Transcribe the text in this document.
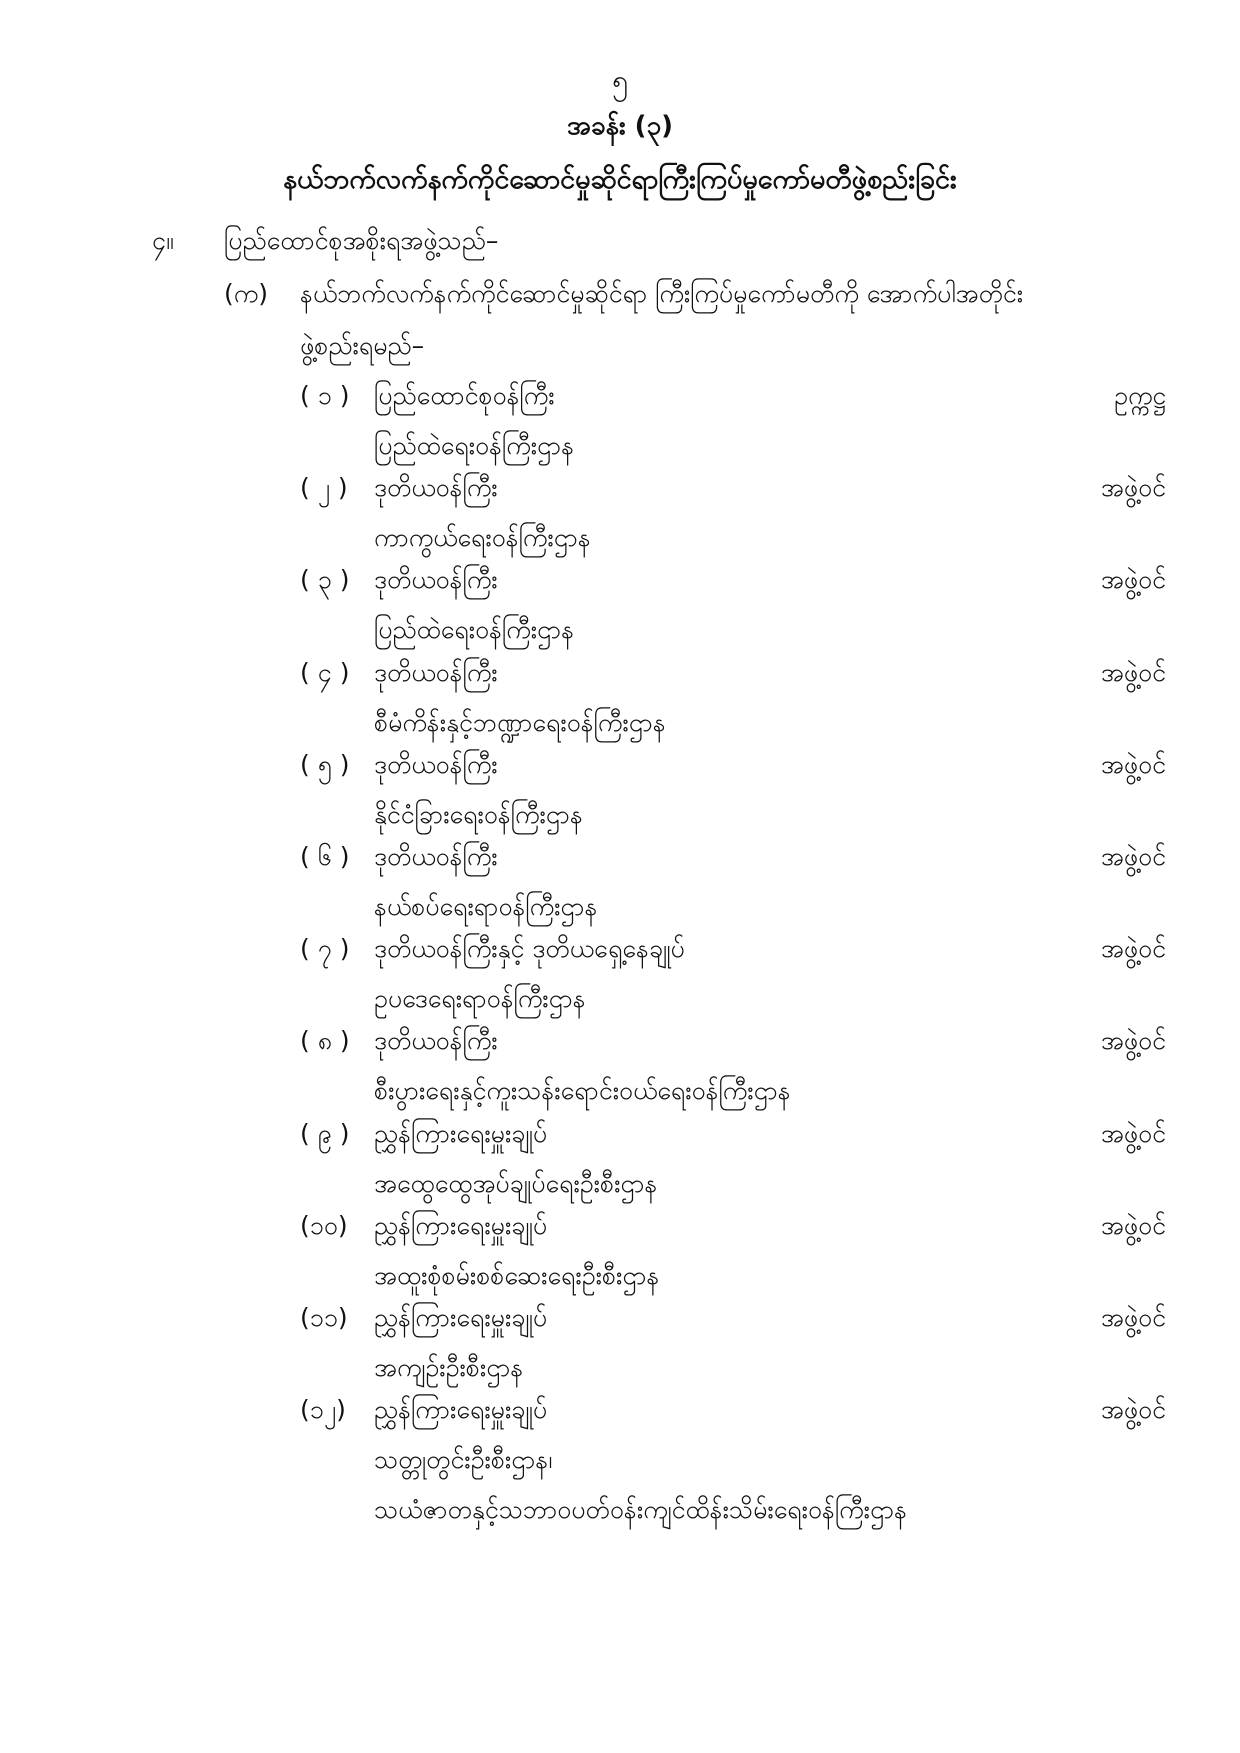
၅
အခန်း (၃)
နယ်ဘက်လက်နက်ကိုင်ဆောင်မှုဆိုင်ရာကြီးကြပ်မှုကော်မတီဖွဲ့စည်းခြင်း
၄။ ပြည်ထောင်စုအစိုးရအဖွဲ့သည်–
(က) နယ်ဘက်လက်နက်ကိုင်ဆောင်မှုဆိုင်ရာ ကြီးကြပ်မှုကော်မတီကို အောက်ပါအတိုင်း
ဖွဲ့စည်းရမည်–
( ၁ ) ပြည်ထောင်စုဝန်ကြီး	ဥက္ကဋ္ဌ
ပြည်ထဲရေးဝန်ကြီးဌာန
( ၂ )	ဒုတိယဝန်ကြီး	အဖွဲ့ဝင်
ကာကွယ်ရေးဝန်ကြီးဌာန
( ၃ ) ဒုတိယဝန်ကြီး	အဖွဲ့ဝင်
ပြည်ထဲရေးဝန်ကြီးဌာန
( ၄ ) ဒုတိယဝန်ကြီး	အဖွဲ့ဝင်
စီမံကိန်းနှင့်ဘဏ္ဍာရေးဝန်ကြီးဌာန
( ၅ ) ဒုတိယဝန်ကြီး	အဖွဲ့ဝင်
နိုင်ငံခြားရေးဝန်ကြီးဌာန
( ၆ ) ဒုတိယဝန်ကြီး	အဖွဲ့ဝင်
နယ်စပ်ရေးရာဝန်ကြီးဌာန
( ၇ ) ဒုတိယဝန်ကြီးနှင့် ဒုတိယရှေ့နေချုပ်	အဖွဲ့ဝင်
ဥပဒေရေးရာဝန်ကြီးဌာန
( ၈ ) ဒုတိယဝန်ကြီး	အဖွဲ့ဝင်
စီးပွားရေးနှင့်ကူးသန်းရောင်းဝယ်ရေးဝန်ကြီးဌာန
( ၉ ) ညွှန်ကြားရေးမှူးချုပ်	အဖွဲ့ဝင်
အထွေထွေအုပ်ချုပ်ရေးဦးစီးဌာန
(၁၀)	ညွှန်ကြားရေးမှူးချုပ်	အဖွဲ့ဝင်
အထူးစုံစမ်းစစ်ဆေးရေးဦးစီးဌာန
(၁၁)	ညွှန်ကြားရေးမှူးချုပ်	အဖွဲ့ဝင်
အကျဉ်းဦးစီးဌာန
(၁၂)	ညွှန်ကြားရေးမှူးချုပ်	အဖွဲ့ဝင်
သတ္တုတွင်းဦးစီးဌာန၊
သယံဇာတနှင့်သဘာဝပတ်ဝန်းကျင်ထိန်းသိမ်းရေးဝန်ကြီးဌာန
